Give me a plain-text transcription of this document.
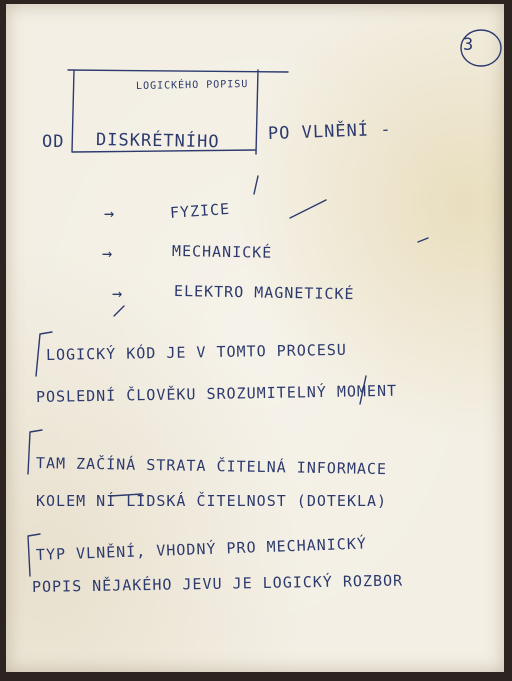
3
LOGICKÉHO POPISU
OD DISKRÉTNÍHO	PO VLNĚNÍ -
→	FYZICE
→	MECHANICKÉ
→	ELEKTRO MAGNETICKÉ
LOGICKÝ KÓD JE V TOMTO PROCESU
POSLEDNÍ ČLOVĚKU SROZUMITELNÝ MOMENT
TAM ZAČÍNÁ STRATA ČITELNÁ INFORMACE
KOLEM NÍ LIDSKÁ ČITELNOST (DOTEKLA)
TYP VLNĚNÍ, VHODNÝ PRO MECHANICKÝ
POPIS NĚJAKÉHO JEVU JE LOGICKÝ ROZBOR
